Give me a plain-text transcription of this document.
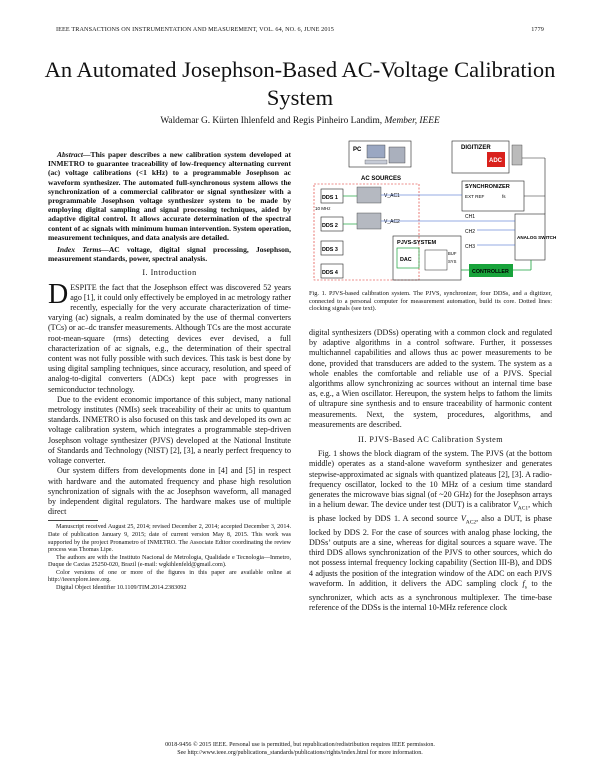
IEEE TRANSACTIONS ON INSTRUMENTATION AND MEASUREMENT, VOL. 64, NO. 6, JUNE 2015	1779
An Automated Josephson-Based AC-Voltage Calibration System
Waldemar G. Kürten Ihlenfeld and Regis Pinheiro Landim, Member, IEEE
Abstract—This paper describes a new calibration system developed at INMETRO to guarantee traceability of low-frequency alternating current (ac) voltage calibrations (<1 kHz) to a programmable Josephson ac waveform synthesizer. The automated full-synchronous system allows the synchronization of a commercial calibrator or signal synthesizer with a programmable Josephson voltage synthesizer system to be made by employing digital sampling and signal processing techniques, aided by adaptive digital control. It allows accurate determination of the spectral content of ac signals with minimum human intervention. System operation, measurement techniques, and data analysis are detailed.
Index Terms—AC voltage, digital signal processing, Josephson, measurement standards, power, spectral analysis.
I. Introduction

DESPITE the fact that the Josephson effect was discovered 52 years ago [1], it could only effectively be employed in ac metrology rather recently, especially for the very accurate characterization of time-varying (ac) signals, a realm dominated by the use of thermal converters (TCs) or ac–dc transfer measurements. Although TCs are the most accurate root-mean-square (rms) detecting devices ever devised, a full characterization of ac signals, e.g., the determination of their spectral content was not fully possible with such devices. This task is best done by using digital sampling techniques, since accuracy, resolution, and speed of analog-to-digital converters (ADCs) kept pace with progresses in semiconductor technology.

Due to the evident economic importance of this subject, many national metrology institutes (NMIs) seek traceability of their ac units to quantum standards. INMETRO is also focused on this task and developed its own ac voltage calibration system, which integrates a programmable step-driven Josephson voltage synthesizer (PJVS) developed at the National Institute of Standards and Technology (NIST) [2], [3], a nearly perfect frequency to voltage converter.

Our system differs from developments done in [4] and [5] in respect with hardware and the automated frequency and phase high resolution synchronization of signals with the ac Josephson waveform, all managed by independent digital regulators. The hardware makes use of multiple direct

Manuscript received August 25, 2014; revised December 2, 2014; accepted December 3, 2014. Date of publication January 9, 2015; date of current version May 8, 2015. This work was supported by the project Pronametro of INMETRO. The Associate Editor coordinating the review process was Thomas Lipe.
The authors are with the Instituto Nacional de Metrologia, Qualidade e Tecnologia—Inmetro, Duque de Caxias 25250-020, Brazil (e-mail: wgkihlenfeld@gmail.com).
Color versions of one or more of the figures in this paper are available online at http://ieeexplore.ieee.org.
Digital Object Identifier 10.1109/TIM.2014.2383092
PC	DIGITIZER
ADC
AC SOURCES
DDS 1
DDS 2
DDS 3
DDS 4
V_AC1
V_AC2
10 MHz
SYNCHRONIZER
EXT REF	fs
ANALOG SWITCH
CH1
CH2
CH3
PJVS-SYSTEM
DAC
BUF
SYS
CONTROLLER
Fig. 1. PJVS-based calibration system. The PJVS, synchronizer, four DDSs, and a digitizer, connected to a personal computer for measurement automation, build its core. Dotted lines: clocking signals (see text).

digital synthesizers (DDSs) operating with a common clock and regulated by adaptive algorithms in a control software. Further, it possesses multichannel capabilities and allows thus ac power measurements to be done, provided that transducers are added to the system. The system as a whole enables the comfortable and reliable use of a PJVS. Special algorithms allow synchronizing ac sources without an internal time base as, e.g., a Wien oscillator. Hereupon, the system helps to fathom the limits of ultrapure sine synthesis and to ensure traceability of harmonic content measurements. Next, the system, procedures, algorithms, and measurements are described.

II. PJVS-Based AC Calibration System

Fig. 1 shows the block diagram of the system. The PJVS (at the bottom middle) operates as a stand-alone waveform synthesizer and generates stepwise-approximated ac signals with quantized plateaus [2], [3]. A radio-frequency oscillator, locked to the 10 MHz of a cesium time standard generates the microwave bias signal (of ~20 GHz) for the Josephson arrays in a helium dewar. The device under test (DUT) is a calibrator $V_{AC1}$, which is phase locked by DDS 1. A second source $V_{AC2}$, also a DUT, is phase locked by DDS 2. For the case of sources with analog phase locking, the DDSs’ outputs are a sine, whereas for digital sources a square wave. The third DDS allows synchronization of the PJVS to other sources, which do not possess internal frequency locking capability (Section III-B), and DDS 4 adjusts the position of the integration window of the ADC on each PJVS waveform. In addition, it delivers the ADC sampling clock $f_s$ to the synchronizer, which acts as a synchronous multiplexer. The time-base reference of the DDSs is the internal 10-MHz reference clock

0018-9456 © 2015 IEEE. Personal use is permitted, but republication/redistribution requires IEEE permission.
See http://www.ieee.org/publications_standards/publications/rights/index.html for more information.
